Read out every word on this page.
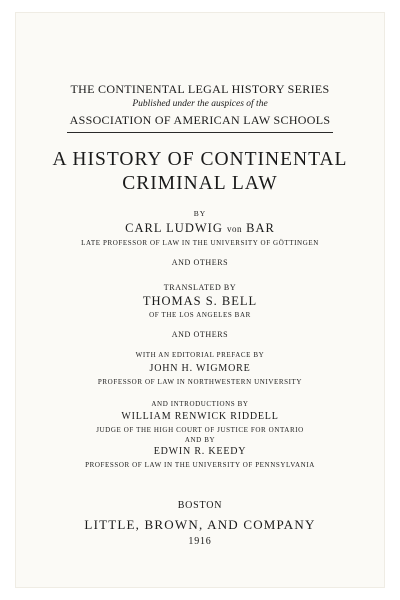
THE CONTINENTAL LEGAL HISTORY SERIES
Published under the auspices of the
ASSOCIATION OF AMERICAN LAW SCHOOLS
A HISTORY OF CONTINENTAL
CRIMINAL LAW
BY
CARL LUDWIG von BAR
LATE PROFESSOR OF LAW IN THE UNIVERSITY OF GÖTTINGEN
AND OTHERS
TRANSLATED BY
THOMAS S. BELL
OF THE LOS ANGELES BAR
AND OTHERS
WITH AN EDITORIAL PREFACE BY
JOHN H. WIGMORE
PROFESSOR OF LAW IN NORTHWESTERN UNIVERSITY
AND INTRODUCTIONS BY
WILLIAM RENWICK RIDDELL
JUDGE OF THE HIGH COURT OF JUSTICE FOR ONTARIO
AND BY
EDWIN R. KEEDY
PROFESSOR OF LAW IN THE UNIVERSITY OF PENNSYLVANIA
BOSTON
LITTLE, BROWN, AND COMPANY
1916
